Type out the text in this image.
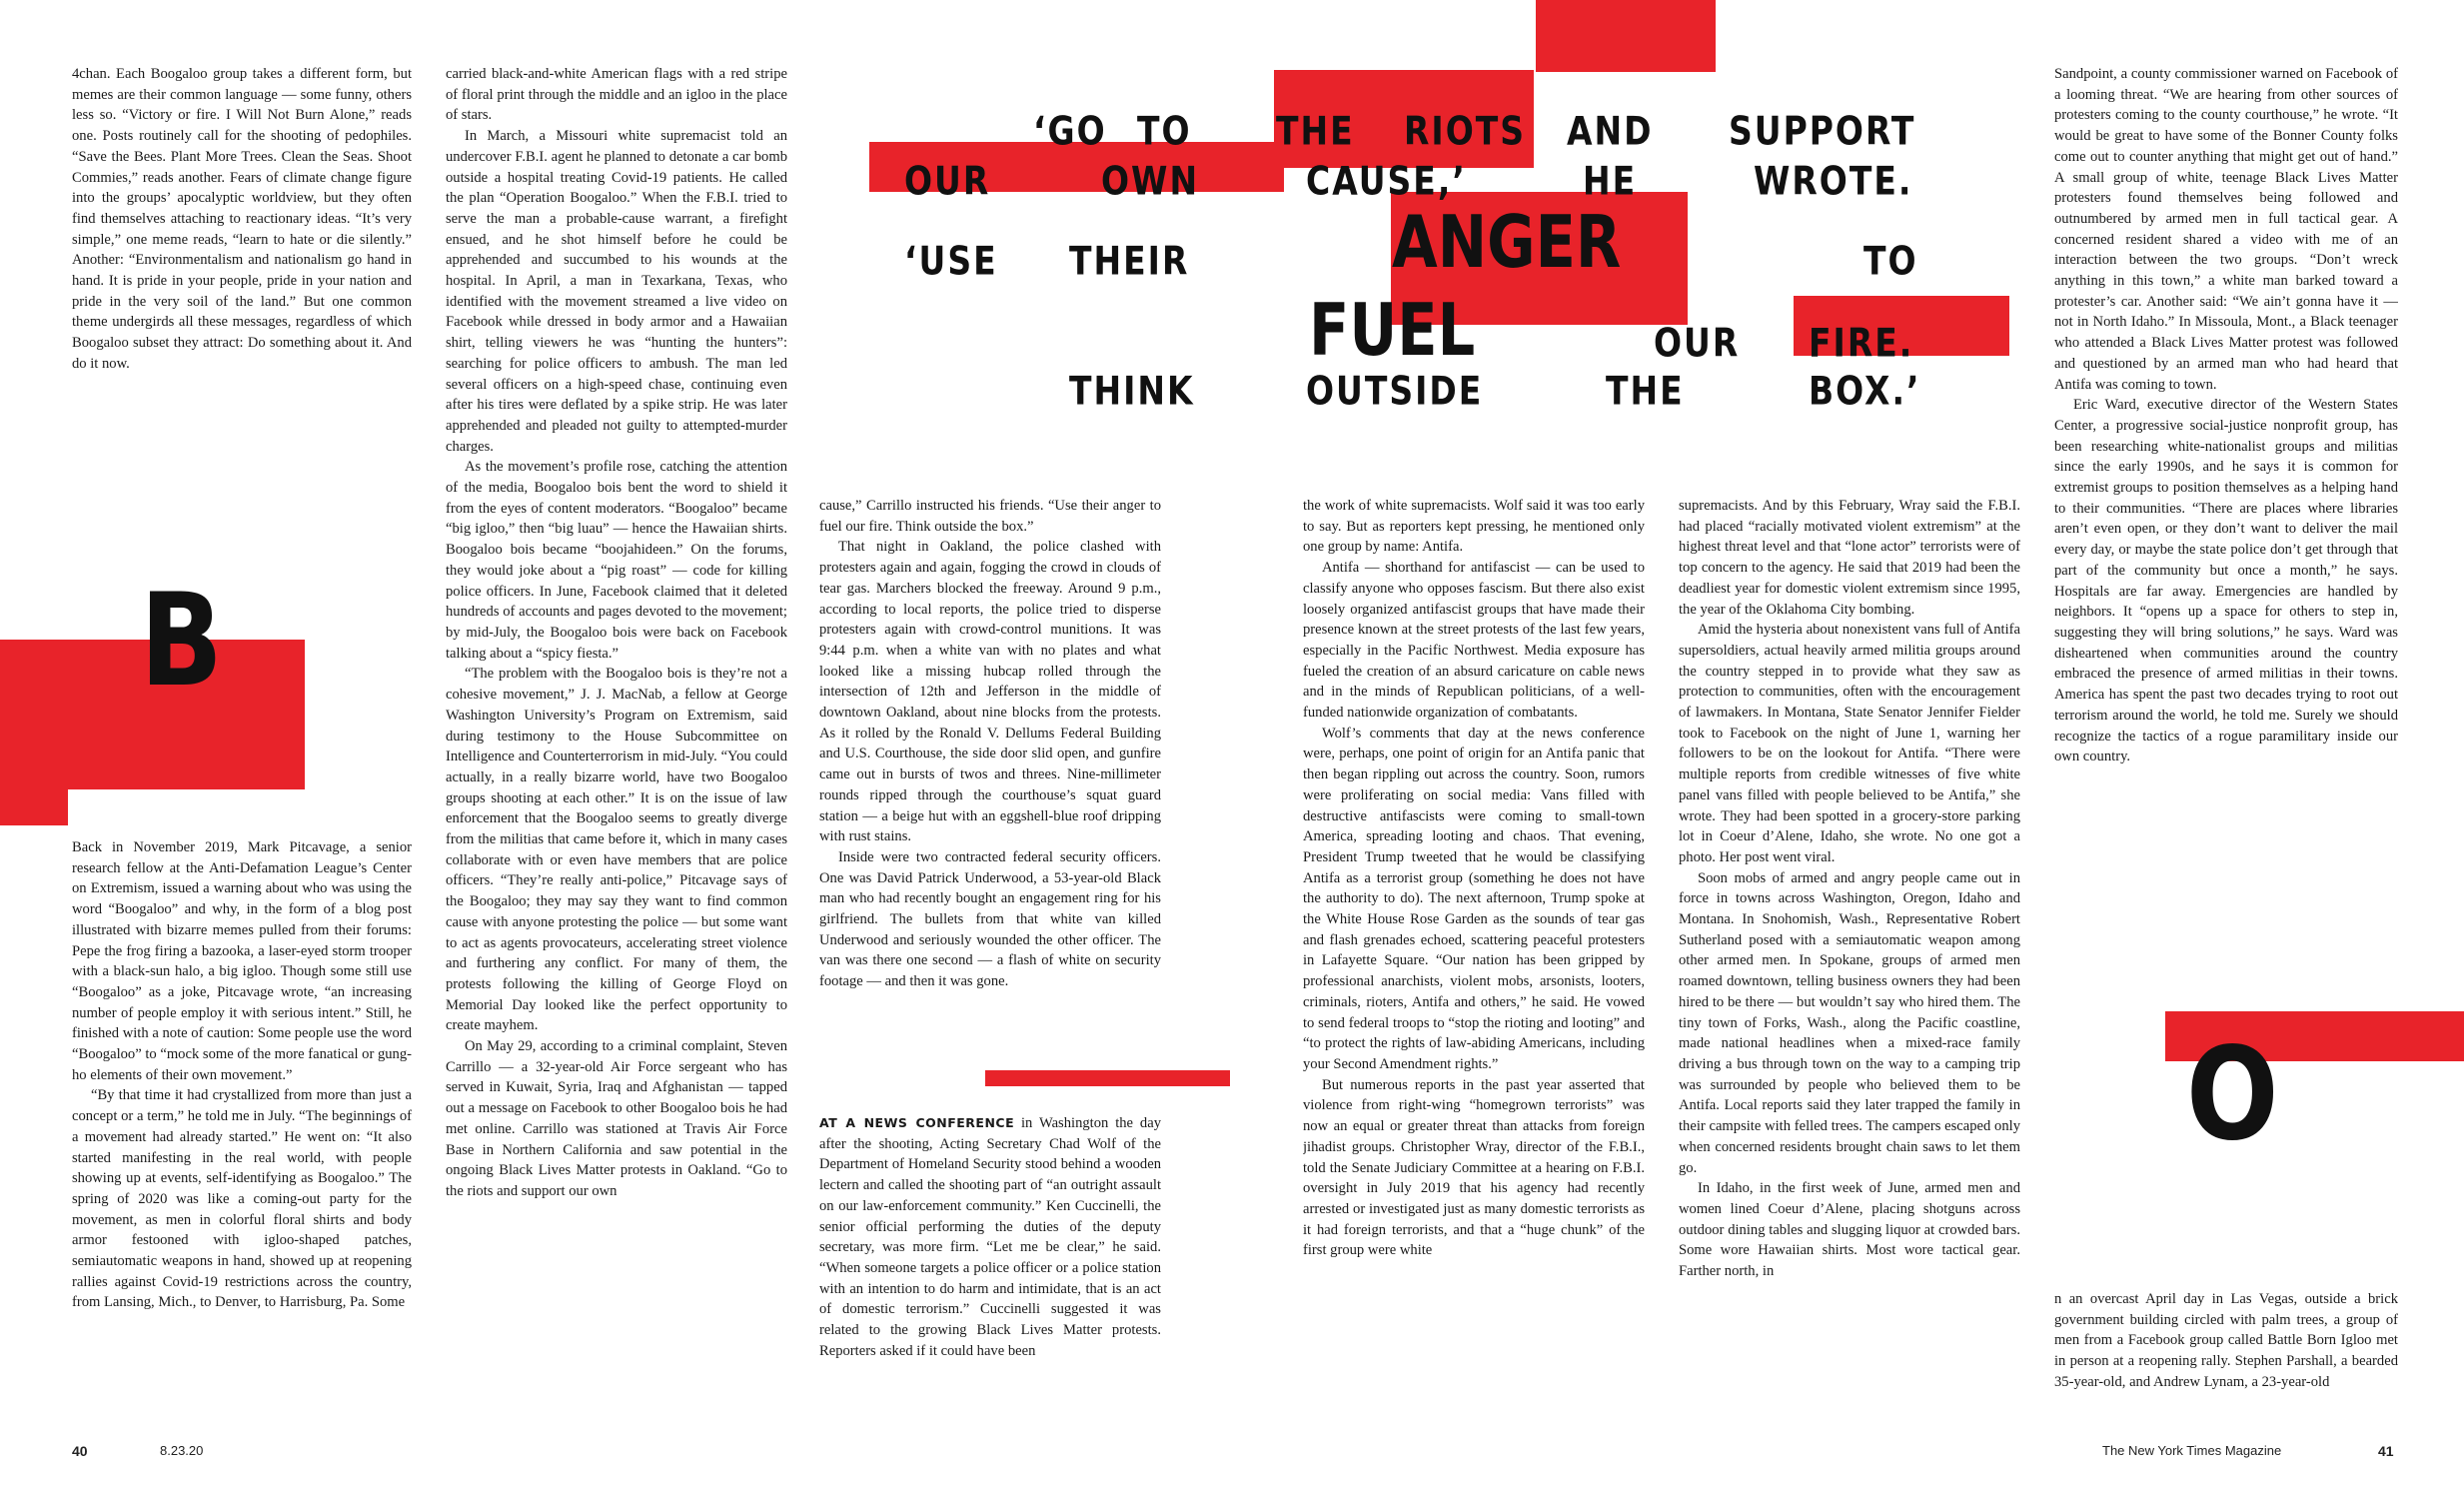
‘GO TO	THE RIOTS AND SUPPORT
OUR	OWN	CAUSE,’	HE	WROTE.
‘USE THEIR	ANGER	TO
FUEL	OUR FIRE.
THINK	OUTSIDE	THE	BOX.’
B
O

4chan. Each Boogaloo group takes a different form, but memes are their common language — some funny, others less so. “Victory or fire. I Will Not Burn Alone,” reads one. Posts routinely call for the shooting of pedophiles. “Save the Bees. Plant More Trees. Clean the Seas. Shoot Commies,” reads another. Fears of climate change figure into the groups’ apocalyptic worldview, but they often find themselves attaching to reactionary ideas. “It’s very simple,” one meme reads, “learn to hate or die silently.” Another: “Environmentalism and nationalism go hand in hand. It is pride in your people, pride in your nation and pride in the very soil of the land.” But one common theme undergirds all these messages, regardless of which Boogaloo subset they attract: Do something about it. And do it now.

Back in November 2019, Mark Pitcavage, a senior research fellow at the Anti-Defamation League’s Center on Extremism, issued a warning about who was using the word “Boogaloo” and why, in the form of a blog post illustrated with bizarre memes pulled from their forums: Pepe the frog firing a bazooka, a laser-eyed storm trooper with a black-sun halo, a big igloo. Though some still use “Boogaloo” as a joke, Pitcavage wrote, “an increasing number of people employ it with serious intent.” Still, he finished with a note of caution: Some people use the word “Boogaloo” to “mock some of the more fanatical or gung-ho elements of their own movement.”

“By that time it had crystallized from more than just a concept or a term,” he told me in July. “The beginnings of a movement had already started.” He went on: “It also started manifesting in the real world, with people showing up at events, self-identifying as Boogaloo.” The spring of 2020 was like a coming-out party for the movement, as men in colorful floral shirts and body armor festooned with igloo-shaped patches, semiautomatic weapons in hand, showed up at reopening rallies against Covid-19 restrictions across the country, from Lansing, Mich., to Denver, to Harrisburg, Pa. Some

carried black-and-white American flags with a red stripe of floral print through the middle and an igloo in the place of stars.

In March, a Missouri white supremacist told an undercover F.B.I. agent he planned to detonate a car bomb outside a hospital treating Covid-19 patients. He called the plan “Operation Boogaloo.” When the F.B.I. tried to serve the man a probable-cause warrant, a firefight ensued, and he shot himself before he could be apprehended and succumbed to his wounds at the hospital. In April, a man in Texarkana, Texas, who identified with the movement streamed a live video on Facebook while dressed in body armor and a Hawaiian shirt, telling viewers he was “hunting the hunters”: searching for police officers to ambush. The man led several officers on a high-speed chase, continuing even after his tires were deflated by a spike strip. He was later apprehended and pleaded not guilty to attempted-murder charges.

As the movement’s profile rose, catching the attention of the media, Boogaloo bois bent the word to shield it from the eyes of content moderators. “Boogaloo” became “big igloo,” then “big luau” — hence the Hawaiian shirts. Boogaloo bois became “boojahideen.” On the forums, they would joke about a “pig roast” — code for killing police officers. In June, Facebook claimed that it deleted hundreds of accounts and pages devoted to the movement; by mid-July, the Boogaloo bois were back on Facebook talking about a “spicy fiesta.”

“The problem with the Boogaloo bois is they’re not a cohesive movement,” J. J. MacNab, a fellow at George Washington University’s Program on Extremism, said during testimony to the House Subcommittee on Intelligence and Counterterrorism in mid-July. “You could actually, in a really bizarre world, have two Boogaloo groups shooting at each other.” It is on the issue of law enforcement that the Boogaloo seems to greatly diverge from the militias that came before it, which in many cases collaborate with or even have members that are police officers. “They’re really anti-police,” Pitcavage says of the Boogaloo; they may say they want to find common cause with anyone protesting the police — but some want to act as agents provocateurs, accelerating street violence and furthering any conflict. For many of them, the protests following the killing of George Floyd on Memorial Day looked like the perfect opportunity to create mayhem.

On May 29, according to a criminal complaint, Steven Carrillo — a 32-year-old Air Force sergeant who has served in Kuwait, Syria, Iraq and Afghanistan — tapped out a message on Facebook to other Boogaloo bois he had met online. Carrillo was stationed at Travis Air Force Base in Northern California and saw potential in the ongoing Black Lives Matter protests in Oakland. “Go to the riots and support our own

cause,” Carrillo instructed his friends. “Use their anger to fuel our fire. Think outside the box.”

That night in Oakland, the police clashed with protesters again and again, fogging the crowd in clouds of tear gas. Marchers blocked the freeway. Around 9 p.m., according to local reports, the police tried to disperse protesters again with crowd-control munitions. It was 9:44 p.m. when a white van with no plates and what looked like a missing hubcap rolled through the intersection of 12th and Jefferson in the middle of downtown Oakland, about nine blocks from the protests. As it rolled by the Ronald V. Dellums Federal Building and U.S. Courthouse, the side door slid open, and gunfire came out in bursts of twos and threes. Nine-millimeter rounds ripped through the courthouse’s squat guard station — a beige hut with an eggshell-blue roof dripping with rust stains.

Inside were two contracted federal security officers. One was David Patrick Underwood, a 53-year-old Black man who had recently bought an engagement ring for his girlfriend. The bullets from that white van killed Underwood and seriously wounded the other officer. The van was there one second — a flash of white on security footage — and then it was gone.

AT A NEWS CONFERENCE in Washington the day after the shooting, Acting Secretary Chad Wolf of the Department of Homeland Security stood behind a wooden lectern and called the shooting part of “an outright assault on our law-enforcement community.” Ken Cuccinelli, the senior official performing the duties of the deputy secretary, was more firm. “Let me be clear,” he said. “When someone targets a police officer or a police station with an intention to do harm and intimidate, that is an act of domestic terrorism.” Cuccinelli suggested it was related to the growing Black Lives Matter protests. Reporters asked if it could have been

the work of white supremacists. Wolf said it was too early to say. But as reporters kept pressing, he mentioned only one group by name: Antifa.

Antifa — shorthand for antifascist — can be used to classify anyone who opposes fascism. But there also exist loosely organized antifascist groups that have made their presence known at the street protests of the last few years, especially in the Pacific Northwest. Media exposure has fueled the creation of an absurd caricature on cable news and in the minds of Republican politicians, of a well-funded nationwide organization of combatants.

Wolf’s comments that day at the news conference were, perhaps, one point of origin for an Antifa panic that then began rippling out across the country. Soon, rumors were proliferating on social media: Vans filled with destructive antifascists were coming to small-town America, spreading looting and chaos. That evening, President Trump tweeted that he would be classifying Antifa as a terrorist group (something he does not have the authority to do). The next afternoon, Trump spoke at the White House Rose Garden as the sounds of tear gas and flash grenades echoed, scattering peaceful protesters in Lafayette Square. “Our nation has been gripped by professional anarchists, violent mobs, arsonists, looters, criminals, rioters, Antifa and others,” he said. He vowed to send federal troops to “stop the rioting and looting” and “to protect the rights of law-abiding Americans, including your Second Amendment rights.”

But numerous reports in the past year asserted that violence from right-wing “homegrown terrorists” was now an equal or greater threat than attacks from foreign jihadist groups. Christopher Wray, director of the F.B.I., told the Senate Judiciary Committee at a hearing on F.B.I. oversight in July 2019 that his agency had recently arrested or investigated just as many domestic terrorists as it had foreign terrorists, and that a “huge chunk” of the first group were white

supremacists. And by this February, Wray said the F.B.I. had placed “racially motivated violent extremism” at the highest threat level and that “lone actor” terrorists were of top concern to the agency. He said that 2019 had been the deadliest year for domestic violent extremism since 1995, the year of the Oklahoma City bombing.

Amid the hysteria about nonexistent vans full of Antifa supersoldiers, actual heavily armed militia groups around the country stepped in to provide what they saw as protection to communities, often with the encouragement of lawmakers. In Montana, State Senator Jennifer Fielder took to Facebook on the night of June 1, warning her followers to be on the lookout for Antifa. “There were multiple reports from credible witnesses of five white panel vans filled with people believed to be Antifa,” she wrote. They had been spotted in a grocery-store parking lot in Coeur d’Alene, Idaho, she wrote. No one got a photo. Her post went viral.

Soon mobs of armed and angry people came out in force in towns across Washington, Oregon, Idaho and Montana. In Snohomish, Wash., Representative Robert Sutherland posed with a semiautomatic weapon among other armed men. In Spokane, groups of armed men roamed downtown, telling business owners they had been hired to be there — but wouldn’t say who hired them. The tiny town of Forks, Wash., along the Pacific coastline, made national headlines when a mixed-race family driving a bus through town on the way to a camping trip was surrounded by people who believed them to be Antifa. Local reports said they later trapped the family in their campsite with felled trees. The campers escaped only when concerned residents brought chain saws to let them go.

In Idaho, in the first week of June, armed men and women lined Coeur d’Alene, placing shotguns across outdoor dining tables and slugging liquor at crowded bars. Some wore Hawaiian shirts. Most wore tactical gear. Farther north, in

Sandpoint, a county commissioner warned on Facebook of a looming threat. “We are hearing from other sources of protesters coming to the county courthouse,” he wrote. “It would be great to have some of the Bonner County folks come out to counter anything that might get out of hand.” A small group of white, teenage Black Lives Matter protesters found themselves being followed and outnumbered by armed men in full tactical gear. A concerned resident shared a video with me of an interaction between the two groups. “Don’t wreck anything in this town,” a white man barked toward a protester’s car. Another said: “We ain’t gonna have it — not in North Idaho.” In Missoula, Mont., a Black teenager who attended a Black Lives Matter protest was followed and questioned by an armed man who had heard that Antifa was coming to town.

Eric Ward, executive director of the Western States Center, a progressive social-justice nonprofit group, has been researching white-nationalist groups and militias since the early 1990s, and he says it is common for extremist groups to position themselves as a helping hand to their communities. “There are places where libraries aren’t even open, or they don’t want to deliver the mail every day, or maybe the state police don’t get through that part of the community but once a month,” he says. Hospitals are far away. Emergencies are handled by neighbors. It “opens up a space for others to step in, suggesting they will bring solutions,” he says. Ward was disheartened when communities around the country embraced the presence of armed militias in their towns. America has spent the past two decades trying to root out terrorism around the world, he told me. Surely we should recognize the tactics of a rogue paramilitary inside our own country.

n an overcast April day in Las Vegas, outside a brick government building circled with palm trees, a group of men from a Facebook group called Battle Born Igloo met in person at a reopening rally. Stephen Parshall, a bearded 35-year-old, and Andrew Lynam, a 23-year-old

40	8.23.20	The New York Times Magazine	41
